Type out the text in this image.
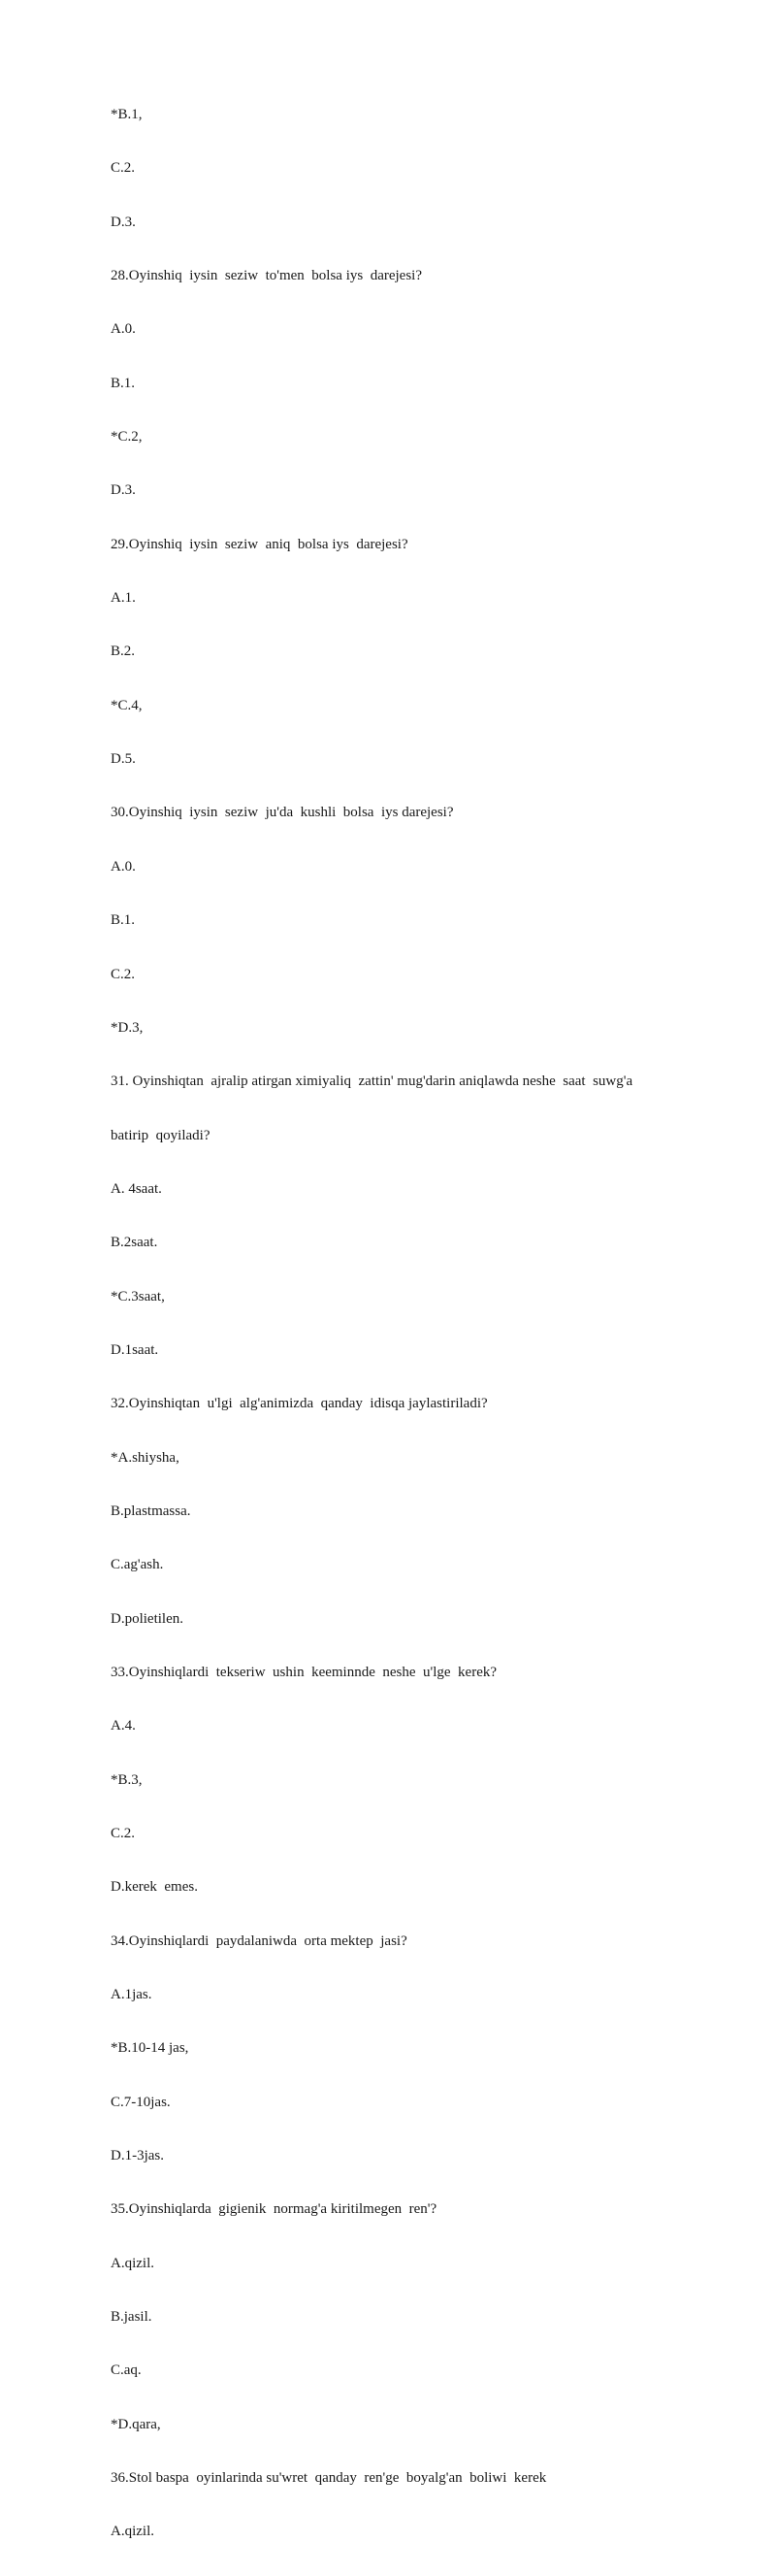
*B.1,

C.2.

D.3.

28.Oyinshiq  iysin  seziw  to'men  bolsa iys  darejesi?

A.0.

B.1.

*C.2,

D.3.

29.Oyinshiq  iysin  seziw  aniq  bolsa iys  darejesi?

A.1.

B.2.

*C.4,

D.5.

30.Oyinshiq  iysin  seziw  ju'da  kushli  bolsa  iys darejesi?

A.0.

B.1.

C.2.

*D.3,

31. Oyinshiqtan  ajralip atirgan ximiyaliq  zattin' mug'darin aniqlawda neshe  saat  suwg'a

batirip  qoyiladi?

A. 4saat.

B.2saat.

*C.3saat,

D.1saat.

32.Oyinshiqtan  u'lgi  alg'animizda  qanday  idisqa jaylastiriladi?

*A.shiysha,

B.plastmassa.

C.ag'ash.

D.polietilen.

33.Oyinshiqlardi  tekseriw  ushin  keeminnde  neshe  u'lge  kerek?

A.4.

*B.3,

C.2.

D.kerek  emes.

34.Oyinshiqlardi  paydalaniwda  orta mektep  jasi?

A.1jas.

*B.10-14 jas,

C.7-10jas.

D.1-3jas.

35.Oyinshiqlarda  gigienik  normag'a kiritilmegen  ren'?

A.qizil.

B.jasil.

C.aq.

*D.qara,

36.Stol baspa  oyinlarinda su'wret  qanday  ren'ge  boyalg'an  boliwi  kerek

A.qizil.
